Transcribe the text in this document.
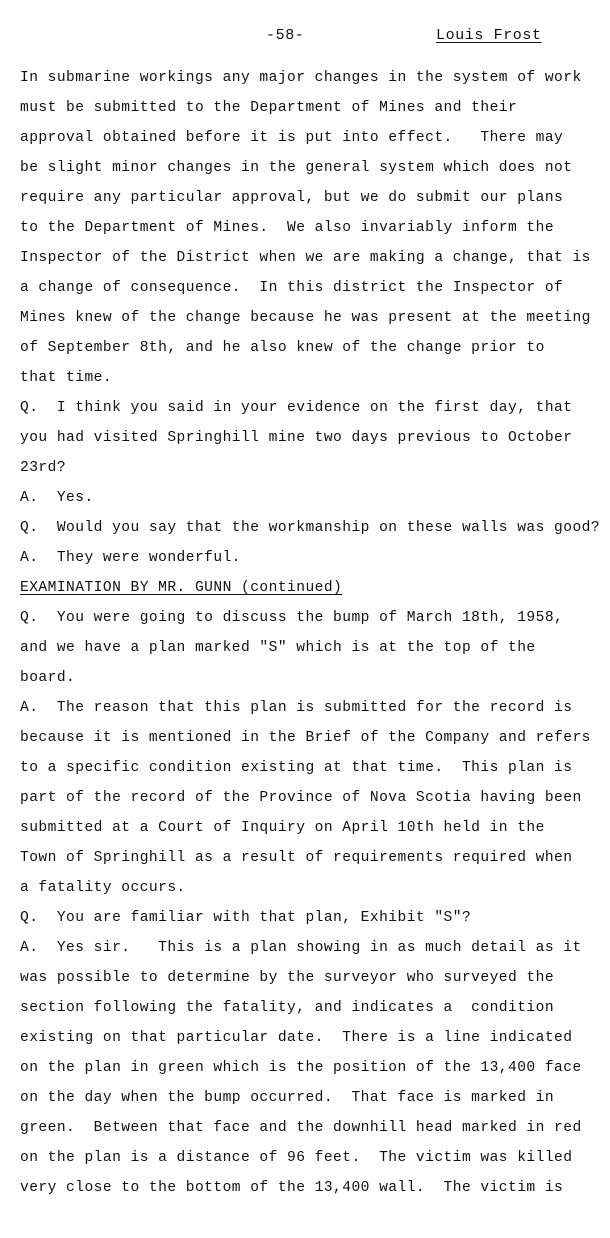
-58-	Louis Frost
In submarine workings any major changes in the system of work
must be submitted to the Department of Mines and their
approval obtained before it is put into effect.   There may
be slight minor changes in the general system which does not
require any particular approval, but we do submit our plans
to the Department of Mines.  We also invariably inform the
Inspector of the District when we are making a change, that is
a change of consequence.  In this district the Inspector of
Mines knew of the change because he was present at the meeting
of September 8th, and he also knew of the change prior to
that time.
Q.  I think you said in your evidence on the first day, that
you had visited Springhill mine two days previous to October
23rd?
A.  Yes.
Q.  Would you say that the workmanship on these walls was good?
A.  They were wonderful.
EXAMINATION BY MR. GUNN (continued)
Q.  You were going to discuss the bump of March 18th, 1958,
and we have a plan marked "S" which is at the top of the
board.
A.  The reason that this plan is submitted for the record is
because it is mentioned in the Brief of the Company and refers
to a specific condition existing at that time.  This plan is
part of the record of the Province of Nova Scotia having been
submitted at a Court of Inquiry on April 10th held in the
Town of Springhill as a result of requirements required when
a fatality occurs.
Q.  You are familiar with that plan, Exhibit "S"?
A.  Yes sir.   This is a plan showing in as much detail as it
was possible to determine by the surveyor who surveyed the
section following the fatality, and indicates a  condition
existing on that particular date.  There is a line indicated
on the plan in green which is the position of the 13,400 face
on the day when the bump occurred.  That face is marked in
green.  Between that face and the downhill head marked in red
on the plan is a distance of 96 feet.  The victim was killed
very close to the bottom of the 13,400 wall.  The victim is
